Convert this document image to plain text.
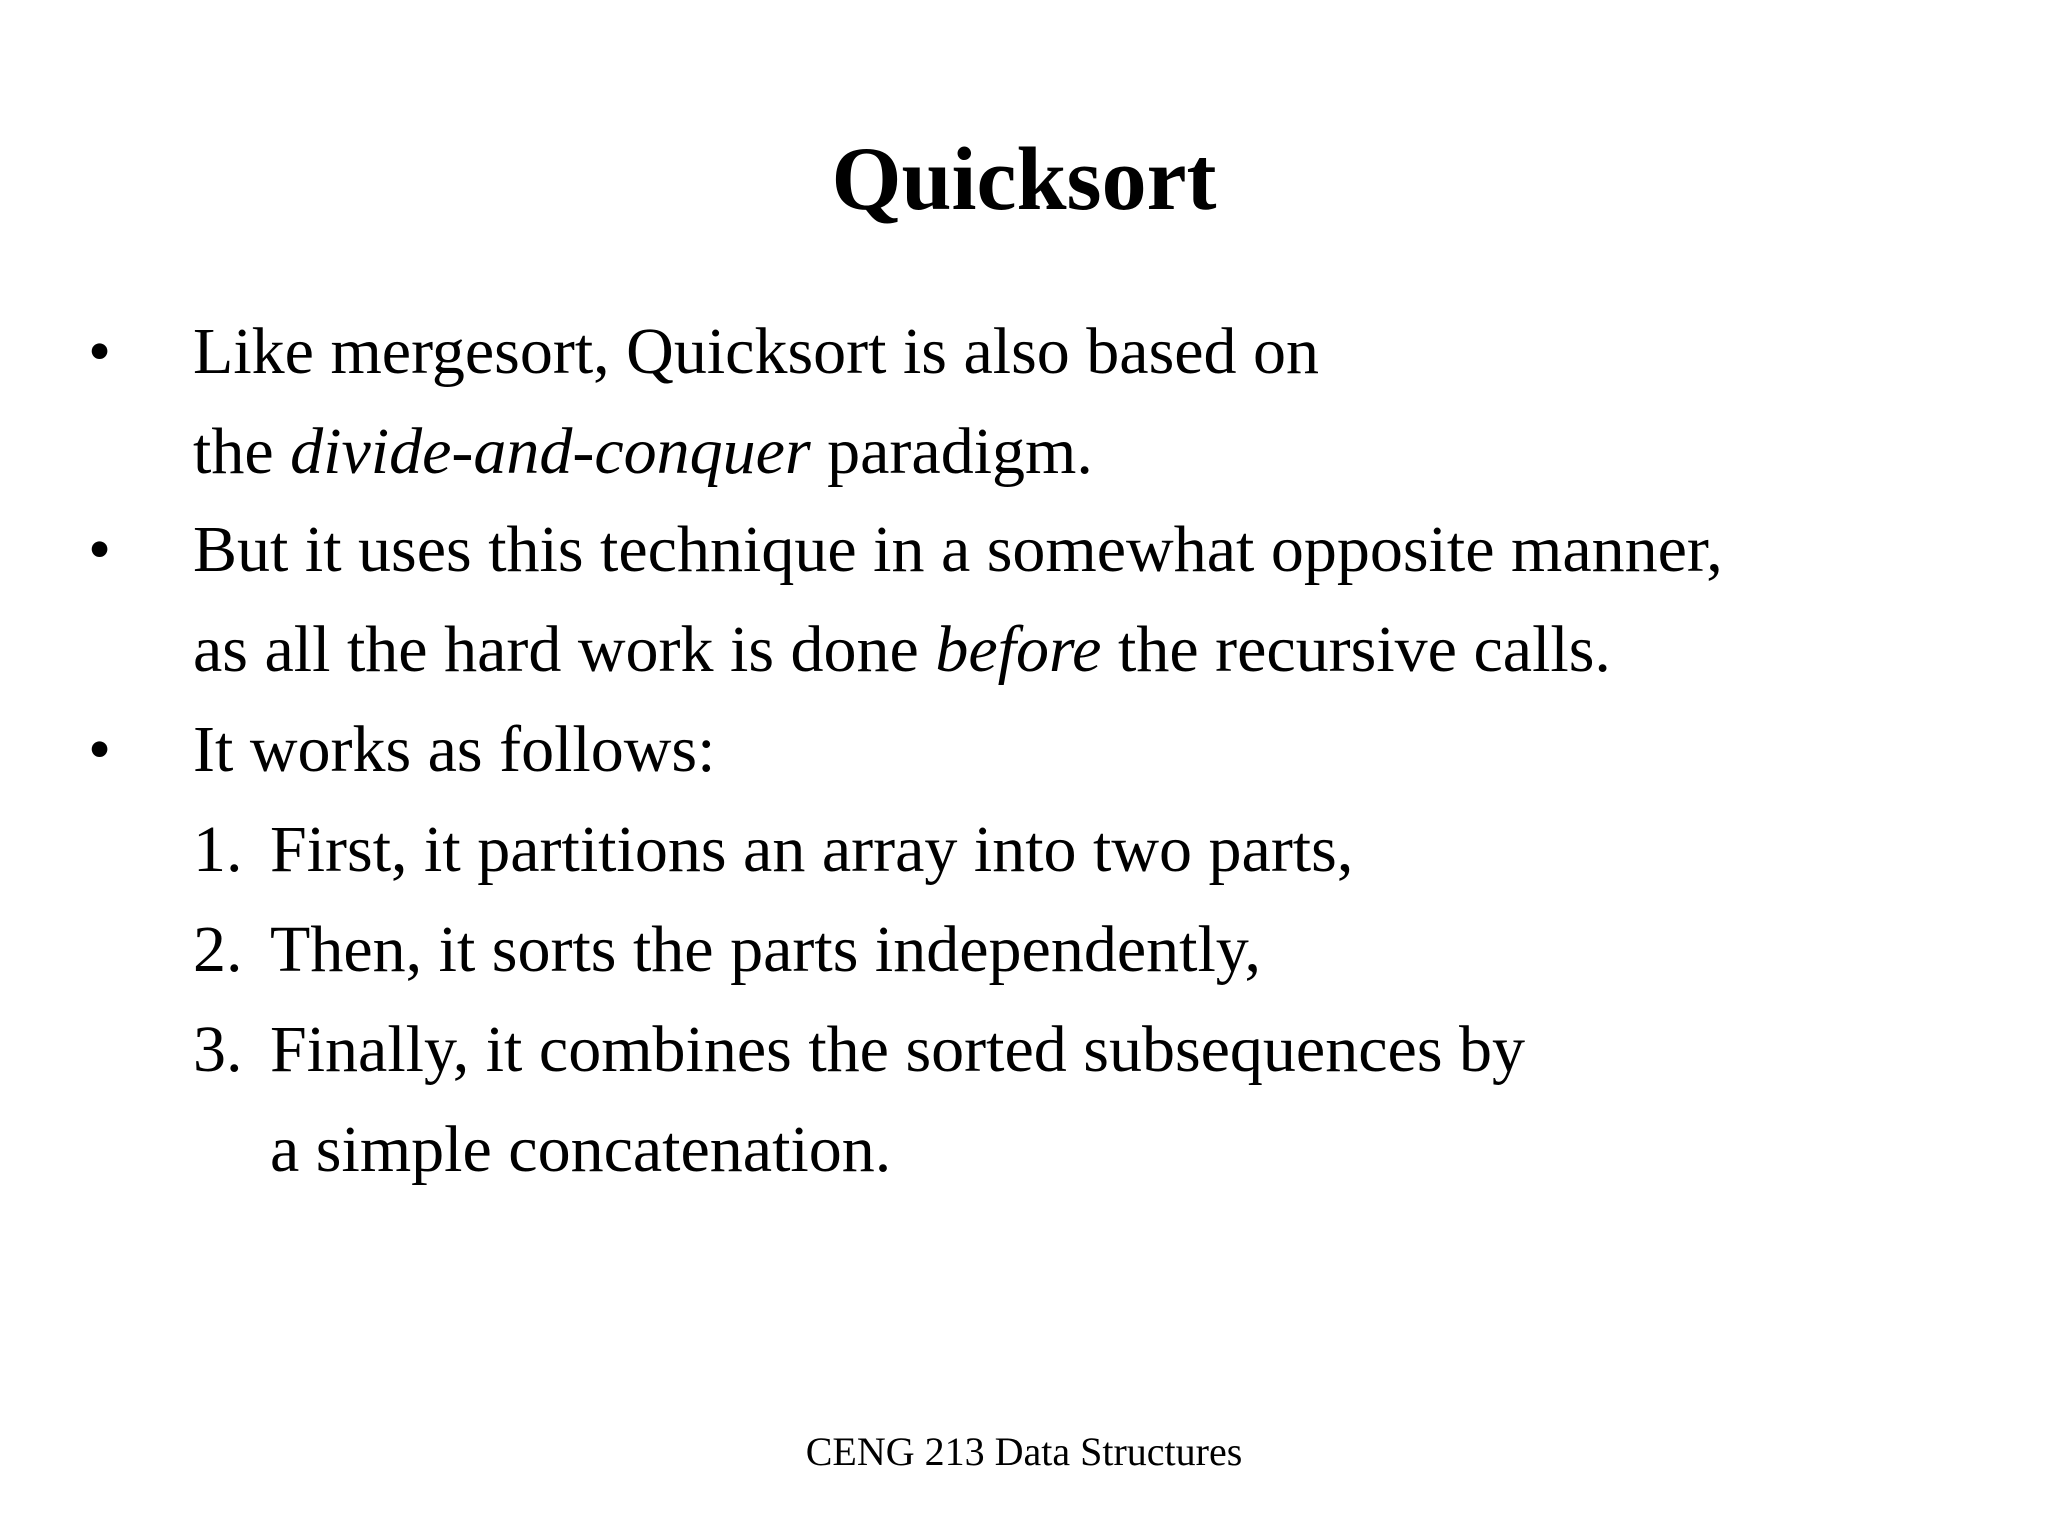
Quicksort
• Like mergesort, Quicksort is also based on
the divide-and-conquer paradigm.
• But it uses this technique in a somewhat opposite manner,
as all the hard work is done before the recursive calls.
• It works as follows:
1. First, it partitions an array into two parts,
2. Then, it sorts the parts independently,
3. Finally, it combines the sorted subsequences by
a simple concatenation.
CENG 213 Data Structures
